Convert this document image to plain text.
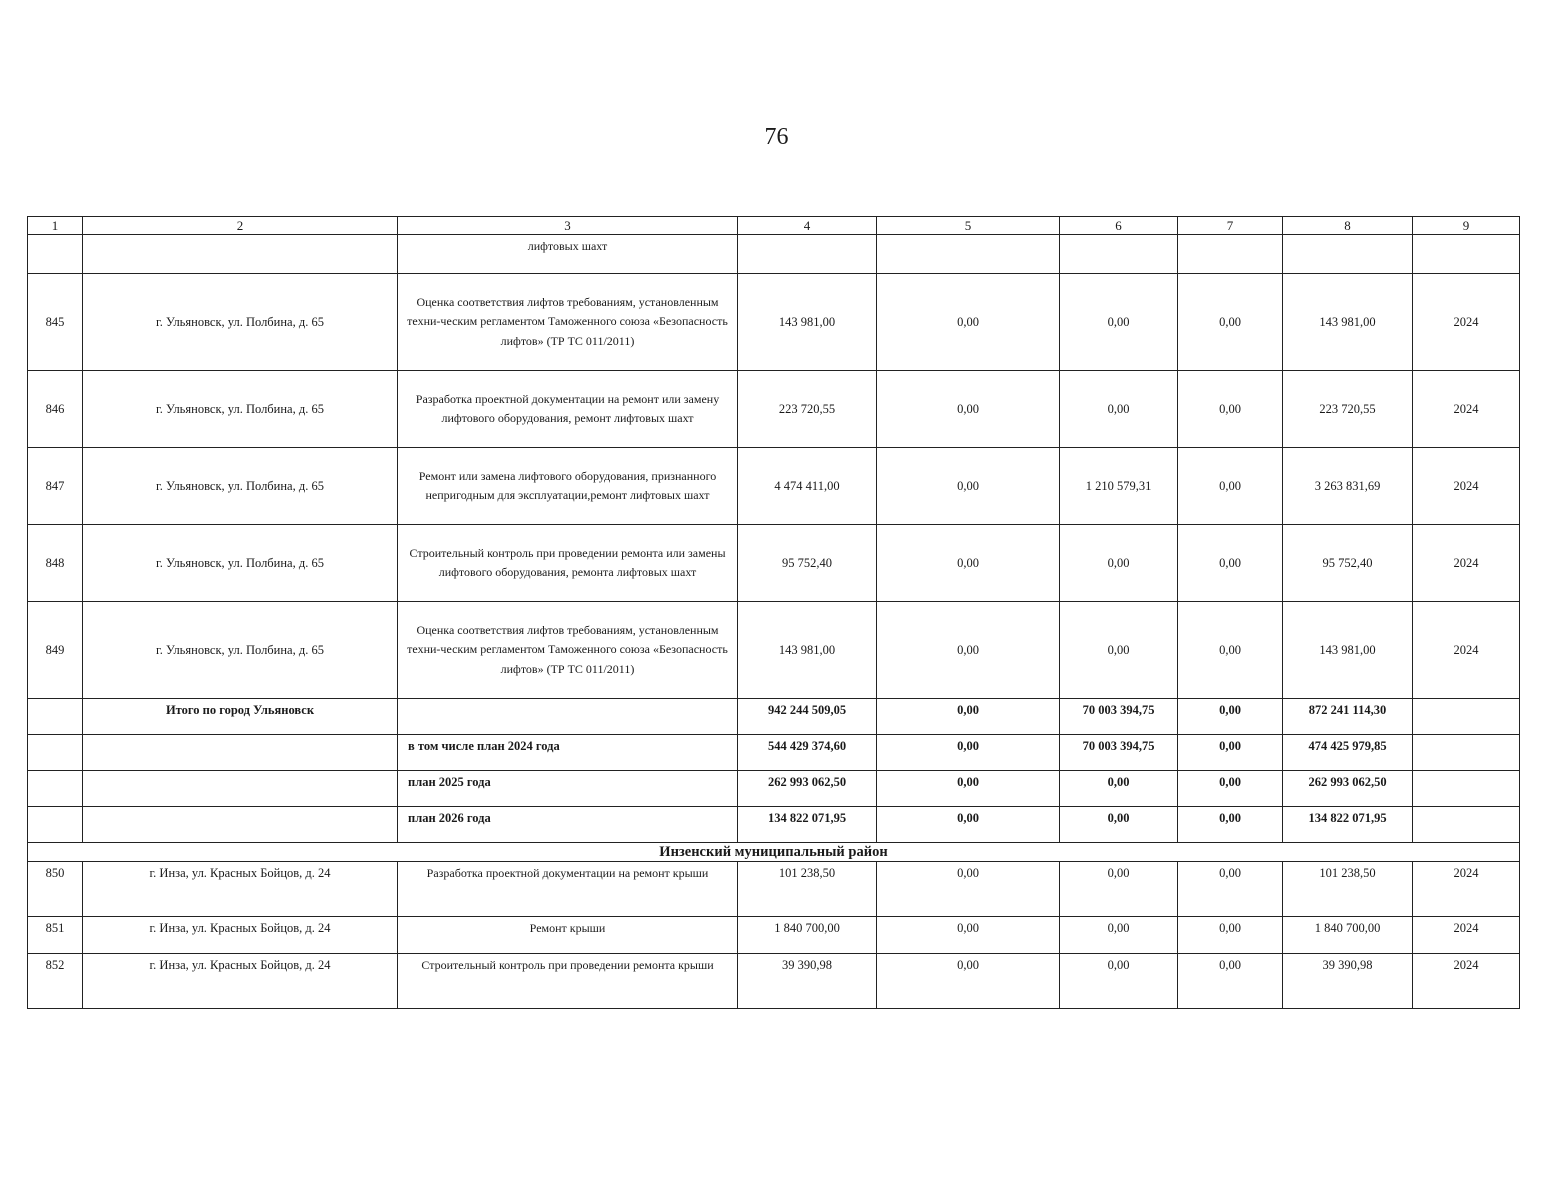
76
1	2	3	4	5	6	7	8	9
		лифтовых шахт						
845	г. Ульяновск, ул. Полбина, д. 65	Оценка соответствия лифтов требованиям, установленным техни-ческим регламентом Таможенного союза «Безопасность лифтов» (ТР ТС 011/2011)	143 981,00	0,00	0,00	0,00	143 981,00	2024
846	г. Ульяновск, ул. Полбина, д. 65	Разработка проектной документации на ремонт или замену лифтового оборудования, ремонт лифтовых шахт	223 720,55	0,00	0,00	0,00	223 720,55	2024
847	г. Ульяновск, ул. Полбина, д. 65	Ремонт или замена лифтового оборудования, признанного непригодным для эксплуатации,ремонт лифтовых шахт	4 474 411,00	0,00	1 210 579,31	0,00	3 263 831,69	2024
848	г. Ульяновск, ул. Полбина, д. 65	Строительный контроль при проведении ремонта или замены лифтового оборудования, ремонта лифтовых шахт	95 752,40	0,00	0,00	0,00	95 752,40	2024
849	г. Ульяновск, ул. Полбина, д. 65	Оценка соответствия лифтов требованиям, установленным техни-ческим регламентом Таможенного союза «Безопасность лифтов» (ТР ТС 011/2011)	143 981,00	0,00	0,00	0,00	143 981,00	2024
	Итого по город Ульяновск		942 244 509,05	0,00	70 003 394,75	0,00	872 241 114,30	
		в том числе план 2024 года	544 429 374,60	0,00	70 003 394,75	0,00	474 425 979,85	
		план 2025 года	262 993 062,50	0,00	0,00	0,00	262 993 062,50	
		план 2026 года	134 822 071,95	0,00	0,00	0,00	134 822 071,95	
Инзенский муниципальный район								
850	г. Инза, ул. Красных Бойцов, д. 24	Разработка проектной документации на ремонт крыши	101 238,50	0,00	0,00	0,00	101 238,50	2024
851	г. Инза, ул. Красных Бойцов, д. 24	Ремонт крыши	1 840 700,00	0,00	0,00	0,00	1 840 700,00	2024
852	г. Инза, ул. Красных Бойцов, д. 24	Строительный контроль при проведении ремонта крыши	39 390,98	0,00	0,00	0,00	39 390,98	2024
